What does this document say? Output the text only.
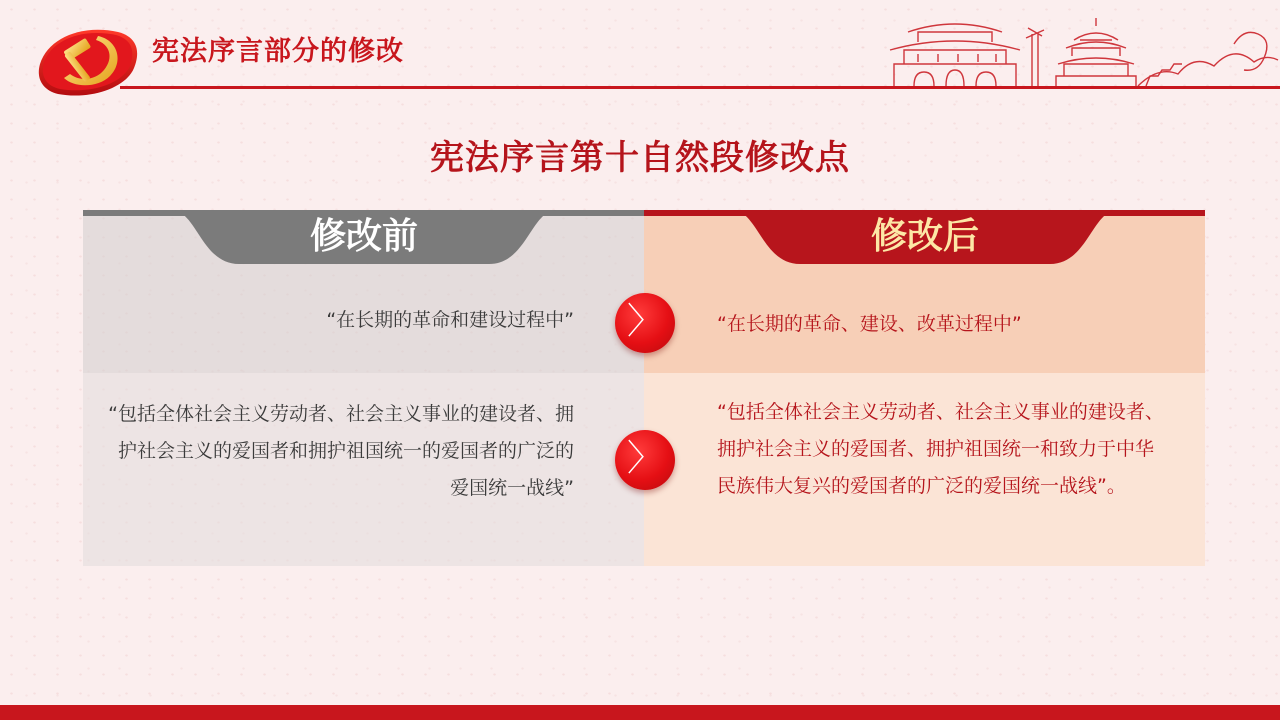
宪法序言部分的修改
宪法序言第十自然段修改点
修改前
“在长期的革命和建设过程中”
“包括全体社会主义劳动者、社会主义事业的建设者、拥护社会主义的爱国者和拥护祖国统一的爱国者的广泛的爱国统一战线”
修改后
“在长期的革命、建设、改革过程中”
“包括全体社会主义劳动者、社会主义事业的建设者、拥护社会主义的爱国者、拥护祖国统一和致力于中华民族伟大复兴的爱国者的广泛的爱国统一战线”。
〉
〉
